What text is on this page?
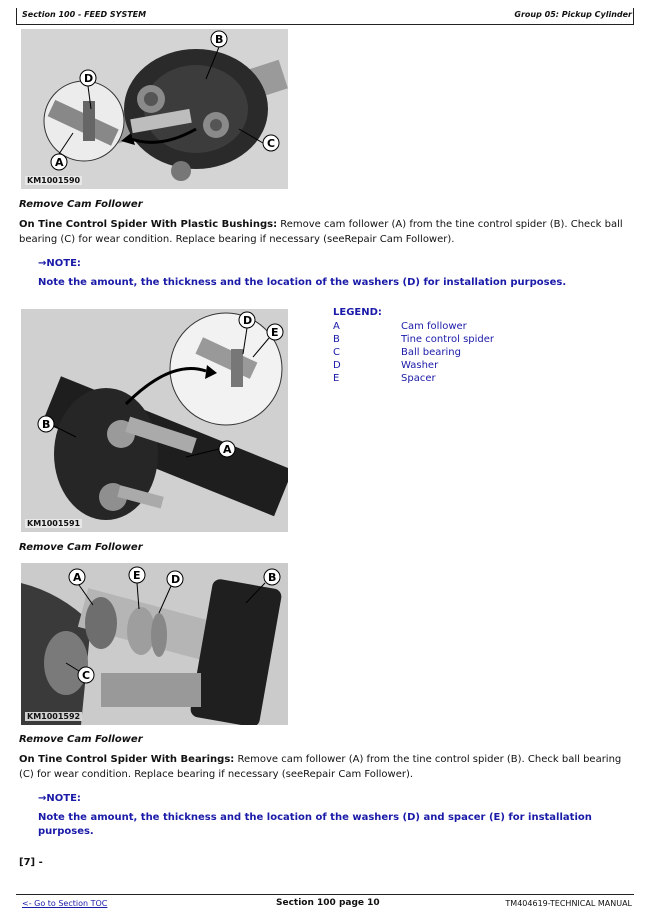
Section 100 - FEED SYSTEM	Group 05: Pickup Cylinder
D
A
B
C
KM1001590
Remove Cam Follower
On Tine Control Spider With Plastic Bushings: Remove cam follower (A) from the tine control spider (B). Check ball bearing (C) for wear condition. Replace bearing if necessary (seeRepair Cam Follower).
→NOTE:
Note the amount, the thickness and the location of the washers (D) for installation purposes.
D
E
B
A
KM1001591
LEGEND:
A	Cam follower
B	Tine control spider
C	Ball bearing
D	Washer
E	Spacer
Remove Cam Follower
A	E	D	B
C
KM1001592
Remove Cam Follower
On Tine Control Spider With Bearings: Remove cam follower (A) from the tine control spider (B). Check ball bearing (C) for wear condition. Replace bearing if necessary (seeRepair Cam Follower).
→NOTE:
Note the amount, the thickness and the location of the washers (D) and spacer (E) for installation purposes.
[7] -
<- Go to Section TOC	Section 100 page 10	TM404619-TECHNICAL MANUAL
